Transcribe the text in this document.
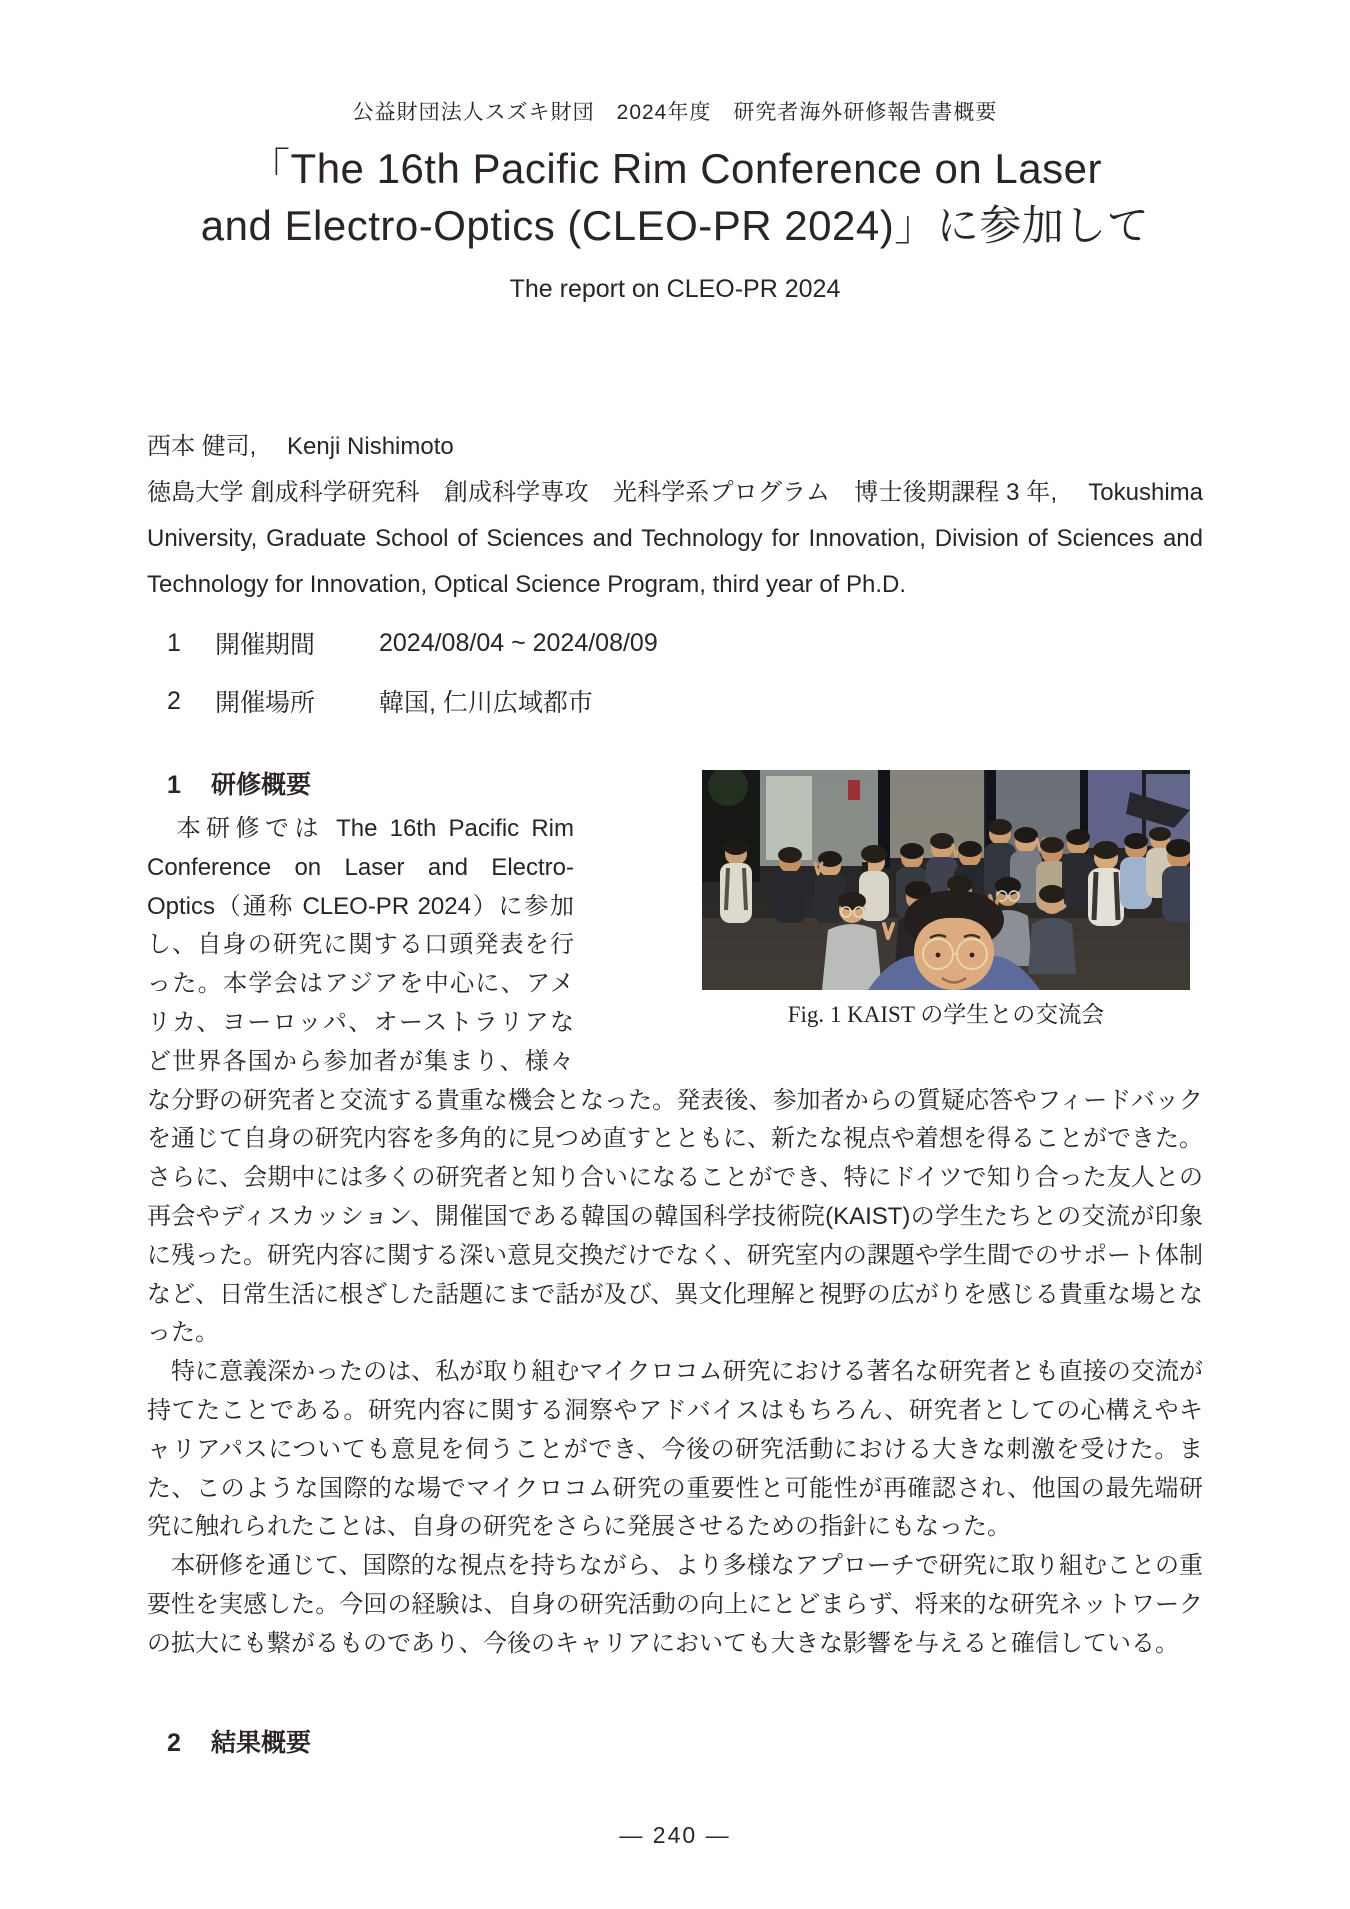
公益財団法人スズキ財団　2024年度　研究者海外研修報告書概要
「The 16th Pacific Rim Conference on Laser
and Electro-Optics (CLEO-PR 2024)」に参加して
The report on CLEO-PR 2024
西本 健司,　 Kenji Nishimoto
徳島大学 創成科学研究科　創成科学専攻　光科学系プログラム　博士後期課程 3 年,　 Tokushima University, Graduate School of Sciences and Technology for Innovation, Division of Sciences and Technology for Innovation, Optical Science Program, third year of Ph.D.
1	開催期間	2024/08/04 ~ 2024/08/09
2	開催場所	韓国, 仁川広域都市
Fig. 1 KAIST の学生との交流会
1	研修概要

　本研修では The 16th Pacific Rim Conference on Laser and Electro-Optics（通称 CLEO-PR 2024）に参加し、自身の研究に関する口頭発表を行った。本学会はアジアを中心に、アメリカ、ヨーロッパ、オーストラリアなど世界各国から参加者が集まり、様々な分野の研究者と交流する貴重な機会となった。発表後、参加者からの質疑応答やフィードバックを通じて自身の研究内容を多角的に見つめ直すとともに、新たな視点や着想を得ることができた。さらに、会期中には多くの研究者と知り合いになることができ、特にドイツで知り合った友人との再会やディスカッション、開催国である韓国の韓国科学技術院(KAIST)の学生たちとの交流が印象に残った。研究内容に関する深い意見交換だけでなく、研究室内の課題や学生間でのサポート体制など、日常生活に根ざした話題にまで話が及び、異文化理解と視野の広がりを感じる貴重な場となった。

　特に意義深かったのは、私が取り組むマイクロコム研究における著名な研究者とも直接の交流が持てたことである。研究内容に関する洞察やアドバイスはもちろん、研究者としての心構えやキャリアパスについても意見を伺うことができ、今後の研究活動における大きな刺激を受けた。また、このような国際的な場でマイクロコム研究の重要性と可能性が再確認され、他国の最先端研究に触れられたことは、自身の研究をさらに発展させるための指針にもなった。

　本研修を通じて、国際的な視点を持ちながら、より多様なアプローチで研究に取り組むことの重要性を実感した。今回の経験は、自身の研究活動の向上にとどまらず、将来的な研究ネットワークの拡大にも繋がるものであり、今後のキャリアにおいても大きな影響を与えると確信している。

2	結果概要
— 240 —
